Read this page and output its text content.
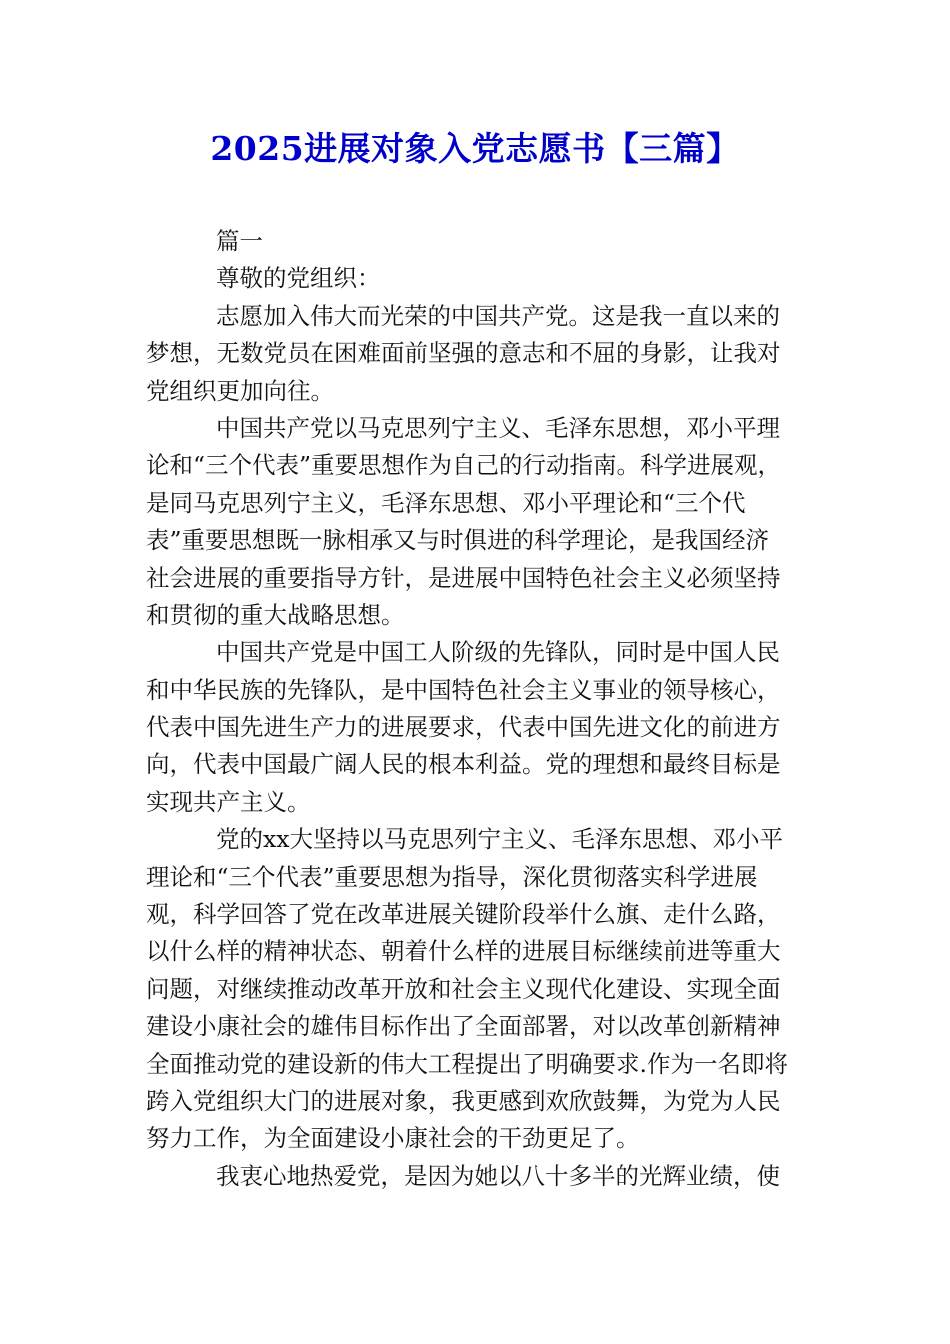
2025进展对象入党志愿书【三篇】
篇一
尊敬的党组织：
志愿加入伟大而光荣的中国共产党。这是我一直以来的
梦想，无数党员在困难面前坚强的意志和不屈的身影，让我对
党组织更加向往。
中国共产党以马克思列宁主义、毛泽东思想，邓小平理
论和“三个代表”重要思想作为自己的行动指南。科学进展观，
是同马克思列宁主义，毛泽东思想、邓小平理论和“三个代
表”重要思想既一脉相承又与时俱进的科学理论，是我国经济
社会进展的重要指导方针，是进展中国特色社会主义必须坚持
和贯彻的重大战略思想。
中国共产党是中国工人阶级的先锋队，同时是中国人民
和中华民族的先锋队，是中国特色社会主义事业的领导核心，
代表中国先进生产力的进展要求，代表中国先进文化的前进方
向，代表中国最广阔人民的根本利益。党的理想和最终目标是
实现共产主义。
党的xx大坚持以马克思列宁主义、毛泽东思想、邓小平
理论和“三个代表”重要思想为指导，深化贯彻落实科学进展
观，科学回答了党在改革进展关键阶段举什么旗、走什么路，
以什么样的精神状态、朝着什么样的进展目标继续前进等重大
问题，对继续推动改革开放和社会主义现代化建设、实现全面
建设小康社会的雄伟目标作出了全面部署，对以改革创新精神
全面推动党的建设新的伟大工程提出了明确要求.作为一名即将
跨入党组织大门的进展对象，我更感到欢欣鼓舞，为党为人民
努力工作，为全面建设小康社会的干劲更足了。
我衷心地热爱党，是因为她以八十多半的光辉业绩，使
